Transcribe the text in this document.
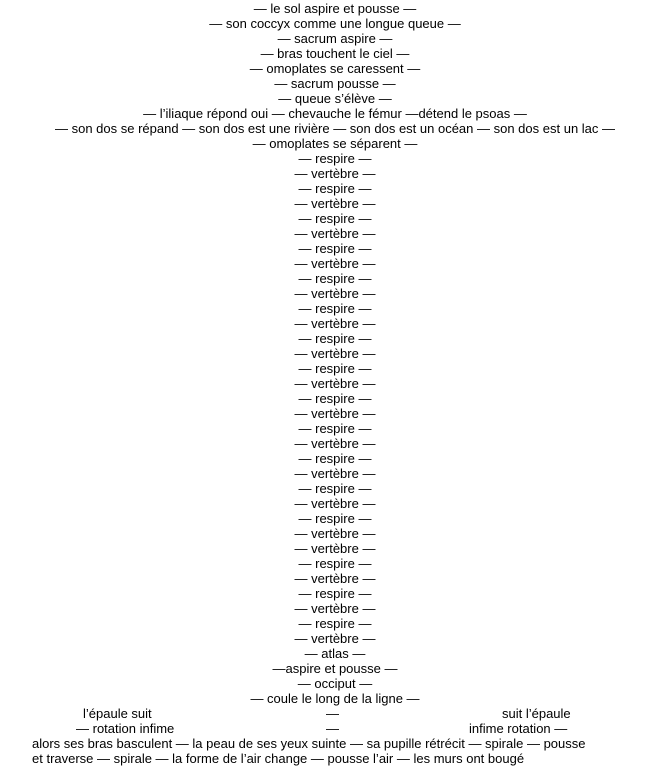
— le sol aspire et pousse —
— son coccyx comme une longue queue —
— sacrum aspire —
— bras touchent le ciel —
— omoplates se caressent —
— sacrum pousse —
— queue s’élève —
— l’iliaque répond oui — chevauche le fémur —détend le psoas —
— son dos se répand — son dos est une rivière — son dos est un océan — son dos est un lac —
— omoplates se séparent —
— respire —
— vertèbre —
— respire —
— vertèbre —
— respire —
— vertèbre —
— respire —
— vertèbre —
— respire —
— vertèbre —
— respire —
— vertèbre —
— respire —
— vertèbre —
— respire —
— vertèbre —
— respire —
— vertèbre —
— respire —
— vertèbre —
— respire —
— vertèbre —
— respire —
— vertèbre —
— respire —
— vertèbre —
— vertèbre —
— respire —
— vertèbre —
— respire —
— vertèbre —
— respire —
— vertèbre —
— atlas —
—aspire et pousse —
— occiput —
— coule le long de la ligne —
l’épaule suit	—	suit l’épaule
— rotation infime	—	infime rotation —
alors ses bras basculent — la peau de ses yeux suinte — sa pupille rétrécit — spirale — pousse
et traverse — spirale — la forme de l’air change — pousse l’air — les murs ont bougé
